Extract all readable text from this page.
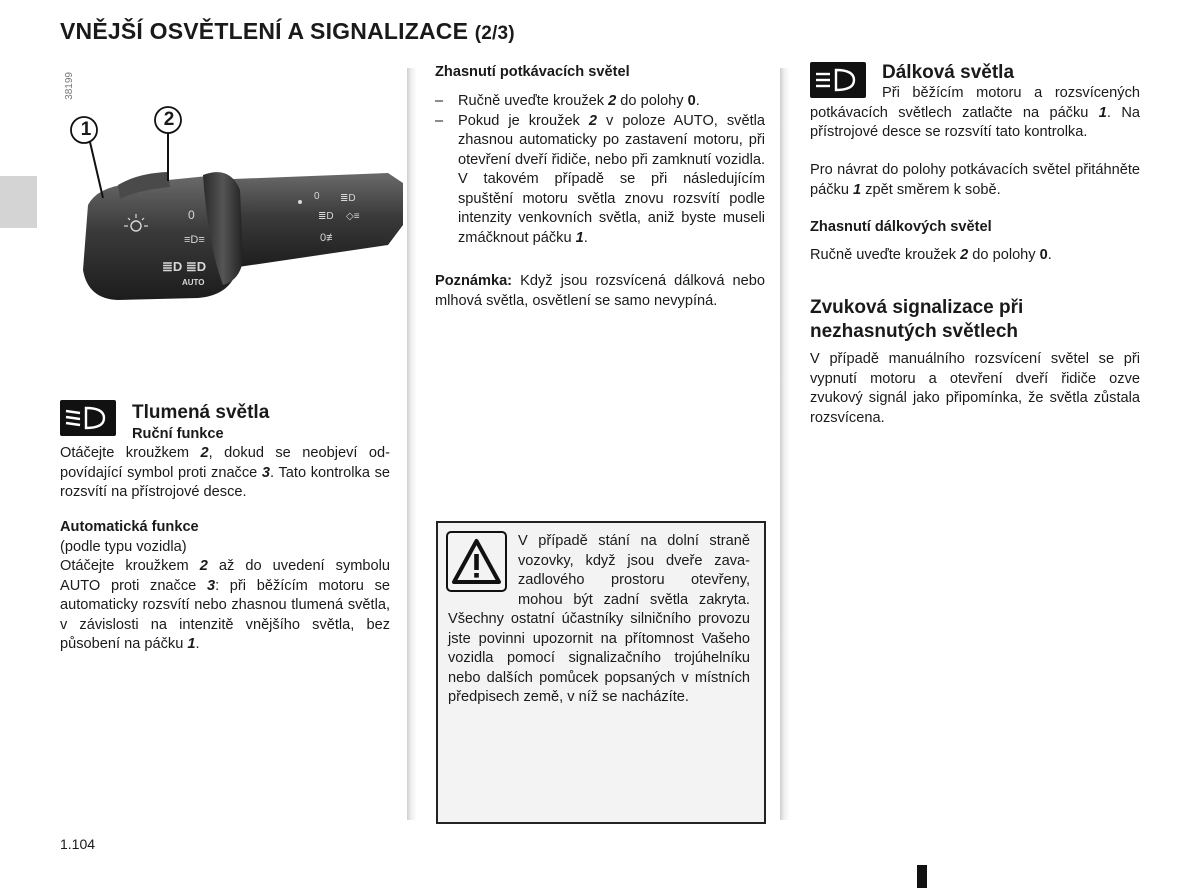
VNĚJŠÍ OSVĚTLENÍ A SIGNALIZACE (2/3)
38199
0
≡D≡
≣D ≣D
AUTO
0 ≣D
≣D ◇≡
0≢
1	2
Tlumená světla
Ruční funkce
Otáčejte kroužkem 2, dokud se neobjeví odpovídající symbol proti značce 3. Tato kontrolka se rozsvítí na přístrojové desce.
Automatická funkce
(podle typu vozidla)
Otáčejte kroužkem 2 až do uvedení symbolu AUTO proti značce 3: při běžícím motoru se automaticky rozsvítí nebo zhasnou tlumená světla, v závislosti na intenzitě vnějšího světla, bez působení na páčku 1.
Zhasnutí potkávacích světel
– Ručně uveďte kroužek 2 do polohy 0.
– Pokud je kroužek 2 v poloze AUTO, světla zhasnou automaticky po zastavení motoru, při otevření dveří řidiče, nebo při zamknutí vozidla. V takovém případě se při následujícím spuštění motoru světla znovu rozsvítí podle intenzity venkovních světla, aniž byste museli zmáčknout páčku 1.
Poznámka: Když jsou rozsvícená dálková nebo mlhová světla, osvětlení se samo nevypíná.
V případě stání na dolní straně vozovky, když jsou dveře zavazadlového prostoru otevřeny, mohou být zadní světla zakryta. Všechny ostatní účastníky silničního provozu jste povinni upozornit na přítomnost Vašeho vozidla pomocí signalizačního trojúhelníku nebo dalších pomůcek popsaných v místních předpisech země, v níž se nacházíte.
Dálková světla
Při běžícím motoru a rozsvícených potkávacích světlech zatlačte na páčku 1. Na přístrojové desce se rozsvítí tato kontrolka.
Pro návrat do polohy potkávacích světel přitáhněte páčku 1 zpět směrem k sobě.
Zhasnutí dálkových světel
Ručně uveďte kroužek 2 do polohy 0.
Zvuková signalizace při
nezhasnutých světlech
V případě manuálního rozsvícení světel se při vypnutí motoru a otevření dveří řidiče ozve zvukový signál jako připomínka, že světla zůstala rozsvícena.
1.104
